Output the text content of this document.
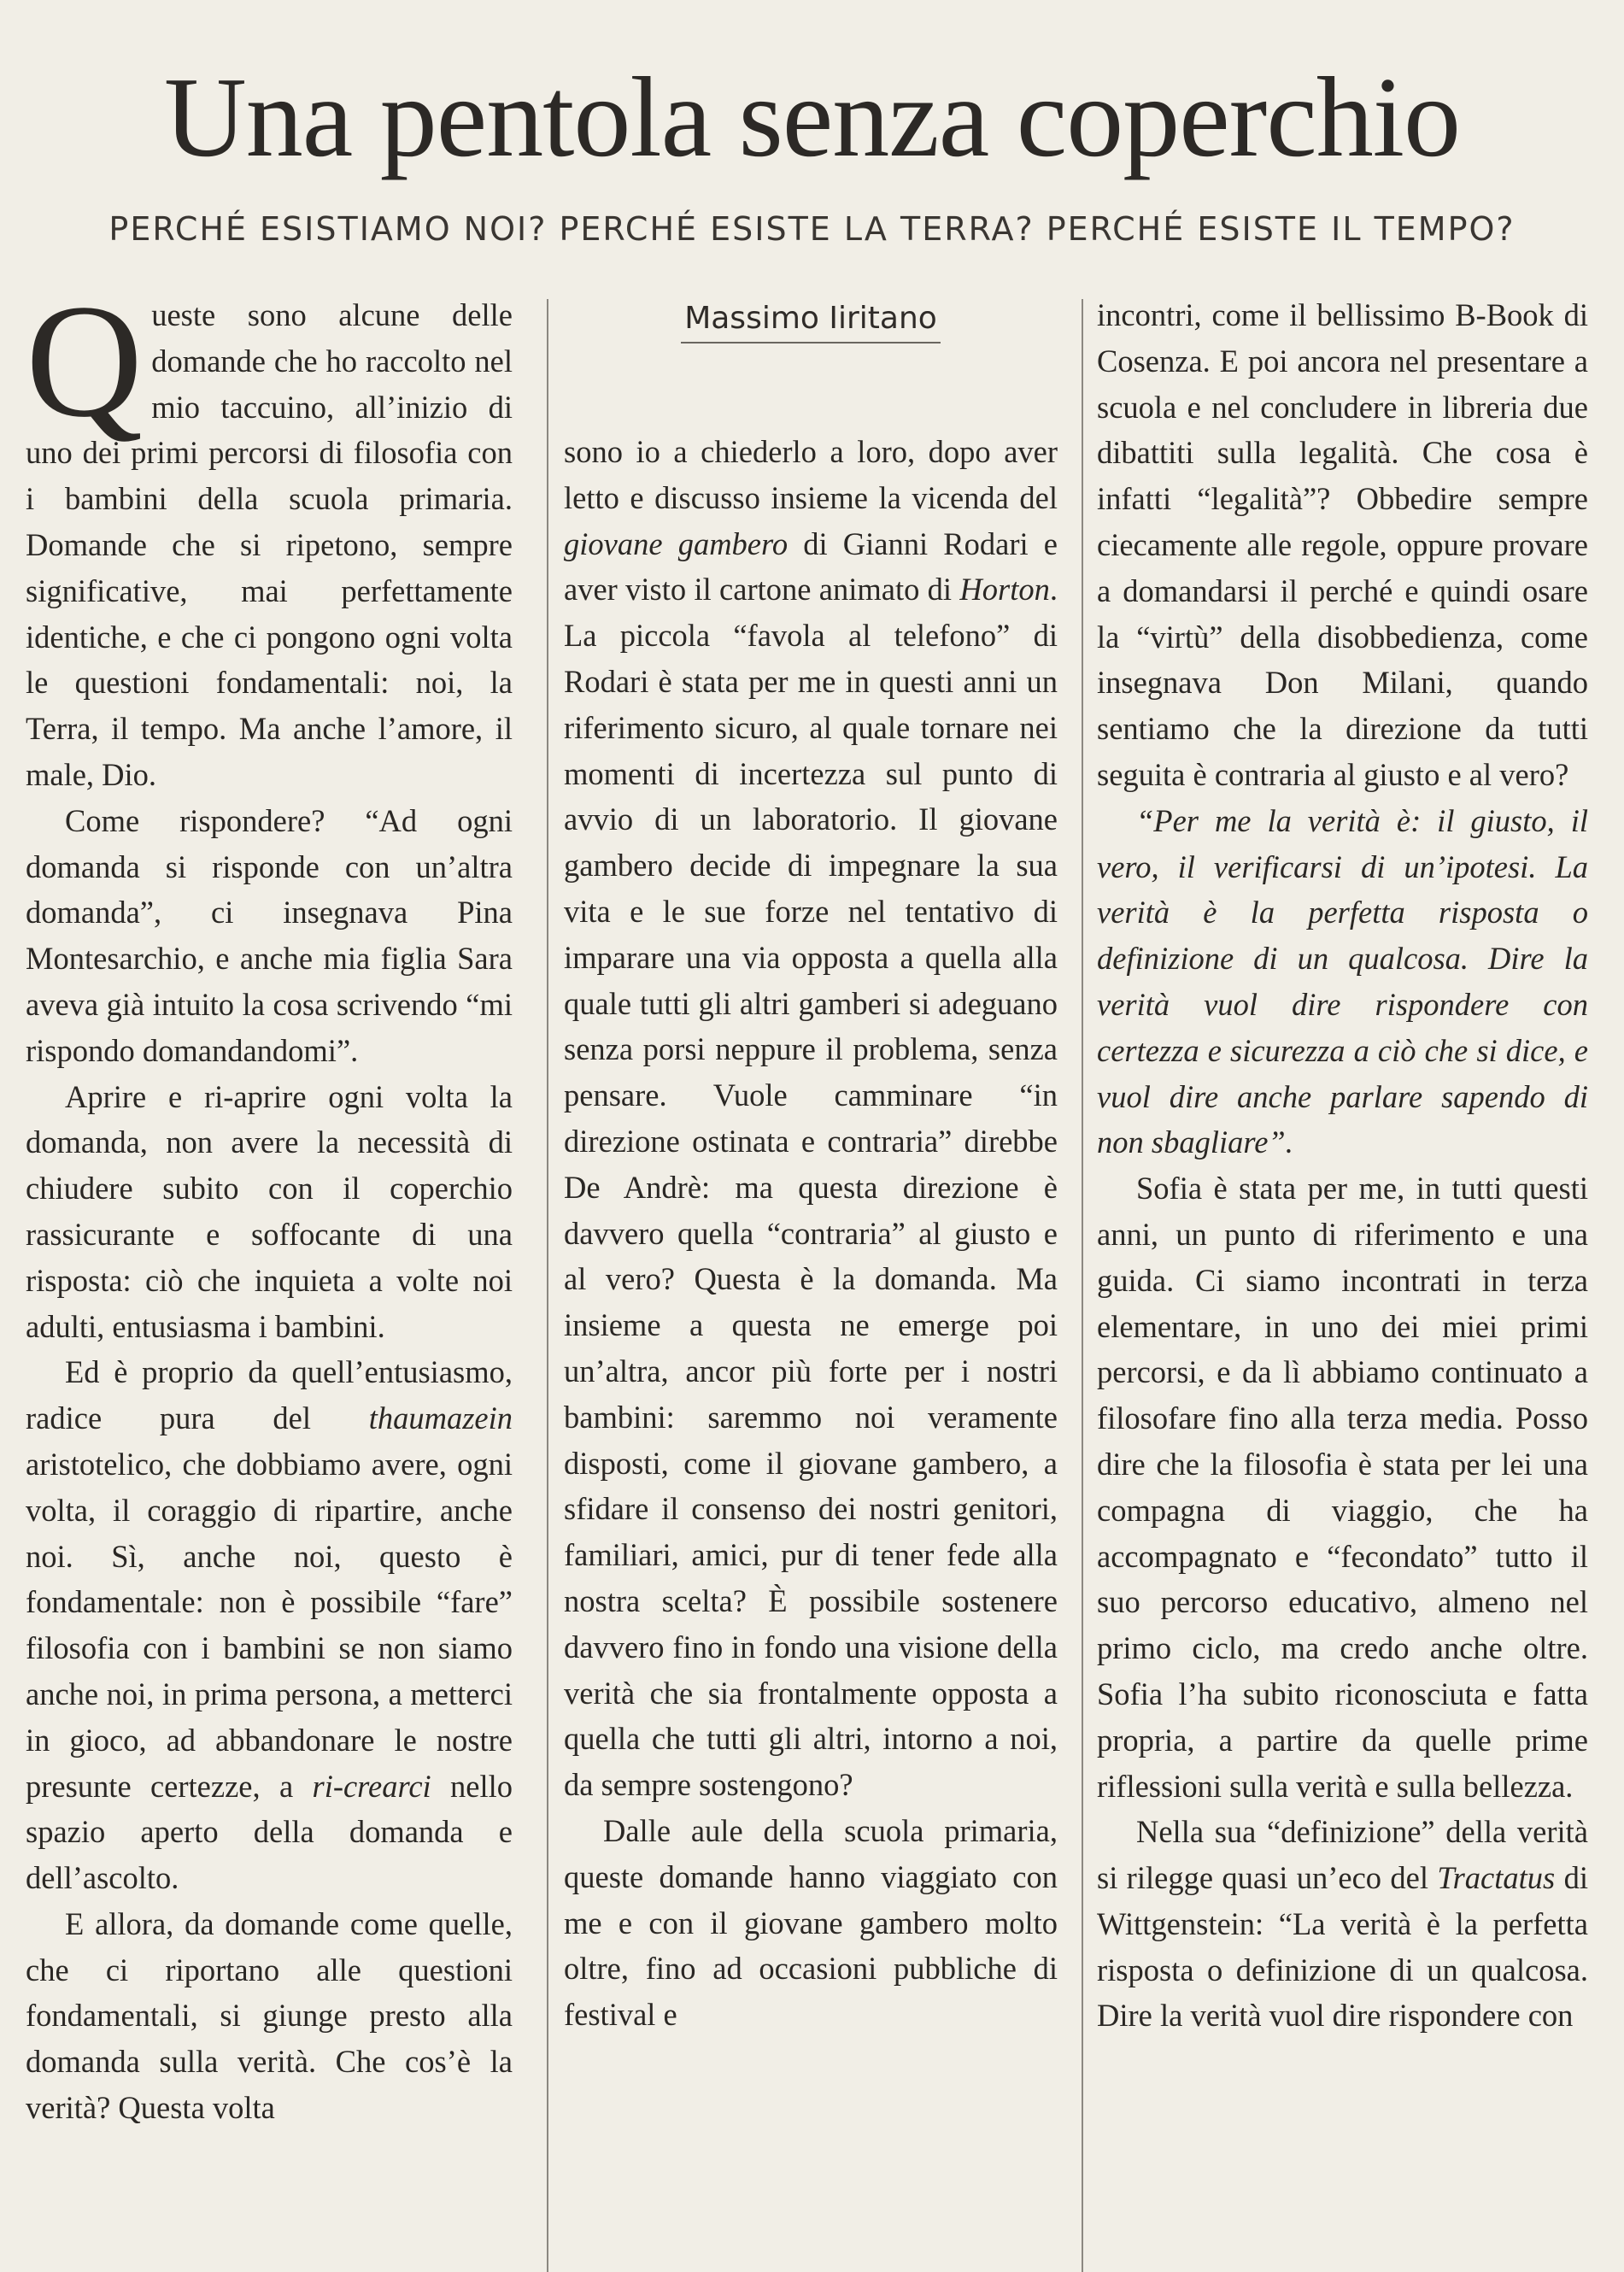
Una pentola senza coperchio
PERCHÉ ESISTIAMO NOI? PERCHÉ ESISTE LA TERRA? PERCHÉ ESISTE IL TEMPO?

Queste sono alcune delle domande che ho raccolto nel mio taccuino, all’inizio di uno dei primi percorsi di filosofia con i bambini della scuola primaria. Domande che si ripetono, sempre significative, mai perfettamente identiche, e che ci pongono ogni volta le questioni fondamentali: noi, la Terra, il tempo. Ma anche l’amore, il male, Dio.

Come rispondere? “Ad ogni domanda si risponde con un’altra domanda”, ci insegnava Pina Montesarchio, e anche mia figlia Sara aveva già intuito la cosa scrivendo “mi rispondo domandandomi”.

Aprire e ri-aprire ogni volta la domanda, non avere la necessità di chiudere subito con il coperchio rassicurante e soffocante di una risposta: ciò che inquieta a volte noi adulti, entusiasma i bambini.

Ed è proprio da quell’entusiasmo, radice pura del thaumazein aristotelico, che dobbiamo avere, ogni volta, il coraggio di ripartire, anche noi. Sì, anche noi, questo è fondamentale: non è possibile “fare” filosofia con i bambini se non siamo anche noi, in prima persona, a metterci in gioco, ad abbandonare le nostre presunte certezze, a ri-crearci nello spazio aperto della domanda e dell’ascolto.

E allora, da domande come quelle, che ci riportano alle questioni fondamentali, si giunge presto alla domanda sulla verità. Che cos’è la verità? Questa volta

Massimo Iiritano

sono io a chiederlo a loro, dopo aver letto e discusso insieme la vicenda del giovane gambero di Gianni Rodari e aver visto il cartone animato di Horton. La piccola “favola al telefono” di Rodari è stata per me in questi anni un riferimento sicuro, al quale tornare nei momenti di incertezza sul punto di avvio di un laboratorio. Il giovane gambero decide di impegnare la sua vita e le sue forze nel tentativo di imparare una via opposta a quella alla quale tutti gli altri gamberi si adeguano senza porsi neppure il problema, senza pensare. Vuole camminare “in direzione ostinata e contraria” direbbe De Andrè: ma questa direzione è davvero quella “contraria” al giusto e al vero? Questa è la domanda. Ma insieme a questa ne emerge poi un’altra, ancor più forte per i nostri bambini: saremmo noi veramente disposti, come il giovane gambero, a sfidare il consenso dei nostri genitori, familiari, amici, pur di tener fede alla nostra scelta? È possibile sostenere davvero fino in fondo una visione della verità che sia frontalmente opposta a quella che tutti gli altri, intorno a noi, da sempre sostengono?

Dalle aule della scuola primaria, queste domande hanno viaggiato con me e con il giovane gambero molto oltre, fino ad occasioni pubbliche di festival e

incontri, come il bellissimo B-Book di Cosenza. E poi ancora nel presentare a scuola e nel concludere in libreria due dibattiti sulla legalità. Che cosa è infatti “legalità”? Obbedire sempre ciecamente alle regole, oppure provare a domandarsi il perché e quindi osare la “virtù” della disobbedienza, come insegnava Don Milani, quando sentiamo che la direzione da tutti seguita è contraria al giusto e al vero?

“Per me la verità è: il giusto, il vero, il verificarsi di un’ipotesi. La verità è la perfetta risposta o definizione di un qualcosa. Dire la verità vuol dire rispondere con certezza e sicurezza a ciò che si dice, e vuol dire anche parlare sapendo di non sbagliare”.

Sofia è stata per me, in tutti questi anni, un punto di riferimento e una guida. Ci siamo incontrati in terza elementare, in uno dei miei primi percorsi, e da lì abbiamo continuato a filosofare fino alla terza media. Posso dire che la filosofia è stata per lei una compagna di viaggio, che ha accompagnato e “fecondato” tutto il suo percorso educativo, almeno nel primo ciclo, ma credo anche oltre. Sofia l’ha subito riconosciuta e fatta propria, a partire da quelle prime riflessioni sulla verità e sulla bellezza.

Nella sua “definizione” della verità si rilegge quasi un’eco del Tractatus di Wittgenstein: “La verità è la perfetta risposta o definizione di un qualcosa. Dire la verità vuol dire rispondere con
